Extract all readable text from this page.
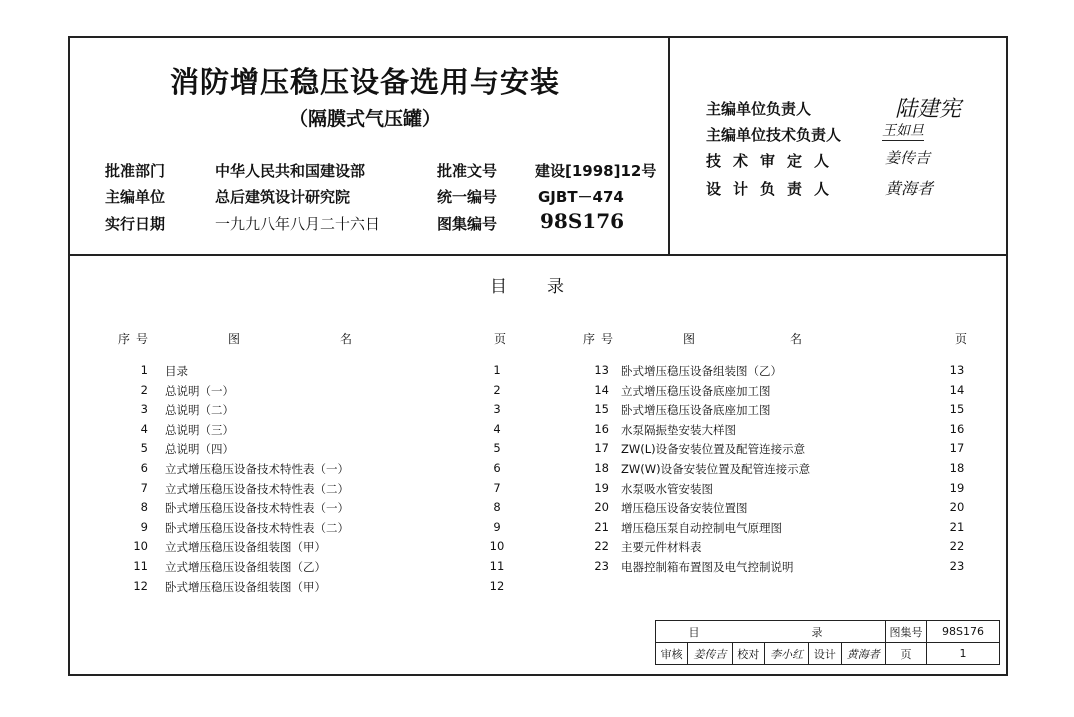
消防增压稳压设备选用与安装
（隔膜式气压罐）
批准部门	中华人民共和国建设部	批准文号	建设[1998]12号
主编单位	总后建筑设计研究院	统一编号	GJBT－474
实行日期	一九九八年八月二十六日	图集编号 98S176
主编单位负责人	陆建宪
主编单位技术负责人	王如旦
技术审定人	姜传吉
设计负责人	黄海者
目录
序号	图名	页	序号	图名	页
1 目录	1
2 总说明（一）	2
3 总说明（二）	3
4 总说明（三）	4
5 总说明（四）	5
6 立式增压稳压设备技术特性表（一）	6
7 立式增压稳压设备技术特性表（二）	7
8 卧式增压稳压设备技术特性表（一）	8
9 卧式增压稳压设备技术特性表（二）	9
10 立式增压稳压设备组装图（甲）	10
11 立式增压稳压设备组装图（乙）	11
12 卧式增压稳压设备组装图（甲）	12
13 卧式增压稳压设备组装图（乙）	13
14 立式增压稳压设备底座加工图	14
15 卧式增压稳压设备底座加工图	15
16 水泵隔振垫安装大样图	16
17 ZW(L)设备安装位置及配管连接示意	17
18 ZW(W)设备安装位置及配管连接示意	18
19 水泵吸水管安装图	19
20 增压稳压设备安装位置图	20
21 增压稳压泵自动控制电气原理图	21
22 主要元件材料表	22
23 电器控制箱布置图及电气控制说明	23
目　　录						图集号	98S176
审核	姜传吉	校对	李小红	设计	黄海者	页	1
